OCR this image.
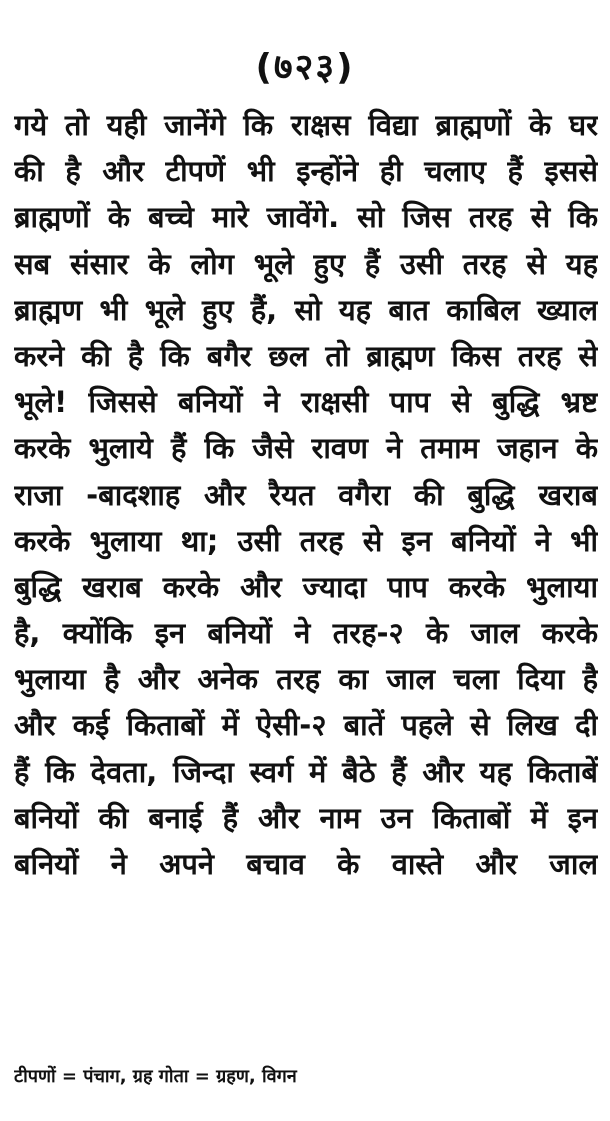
(७२३)
गये तो यही जानेंगे कि राक्षस विद्या ब्राह्मणों के घर
की है और टीपणें भी इन्होंने ही चलाए हैं इससे
ब्राह्मणों के बच्चे मारे जावेंगे. सो जिस तरह से कि
सब संसार के लोग भूले हुए हैं उसी तरह से यह
ब्राह्मण भी भूले हुए हैं, सो यह बात काबिल ख्याल
करने की है कि बगैर छल तो ब्राह्मण किस तरह से
भूले! जिससे बनियों ने राक्षसी पाप से बुद्धि भ्रष्ट
करके भुलाये हैं कि जैसे रावण ने तमाम जहान के
राजा -बादशाह और रैयत वगैरा की बुद्धि खराब
करके भुलाया था; उसी तरह से इन बनियों ने भी
बुद्धि खराब करके और ज्यादा पाप करके भुलाया
है, क्योंकि इन बनियों ने तरह-२ के जाल करके
भुलाया है और अनेक तरह का जाल चला दिया है
और कई किताबों में ऐसी-२ बातें पहले से लिख दी
हैं कि देवता, जिन्दा स्वर्ग में बैठे हैं और यह किताबें
बनियों की बनाई हैं और नाम उन किताबों में इन
बनियों ने अपने बचाव के वास्ते और जाल
टीपणों = पंचाग, ग्रह गोता = ग्रहण, विगन
